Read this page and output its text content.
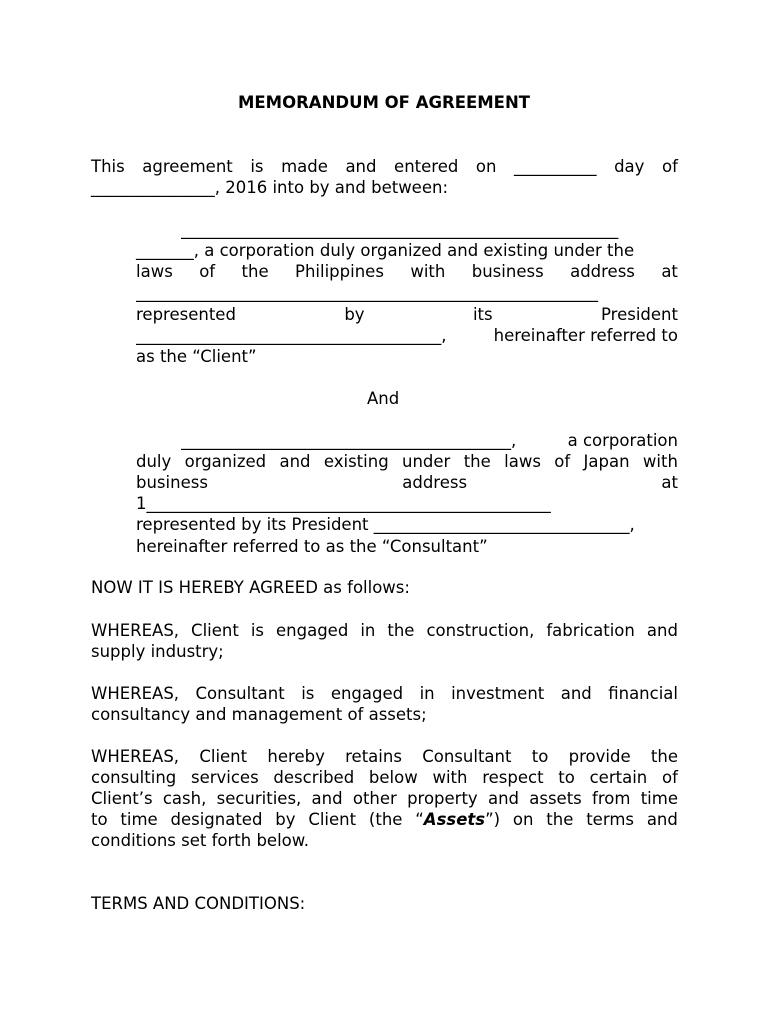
MEMORANDUM OF AGREEMENT
This agreement is made and entered on __________ day of
_______________, 2016 into by and between:
_____________________________________________________
_______, a corporation duly organized and existing under the
laws of the Philippines with business address at
________________________________________________________
represented	by	its	President
_____________________________________,	hereinafter referred to
as the “Client”
And
________________________________________,	a corporation
duly organized and existing under the laws of Japan with
business	address	at
1_________________________________________________
represented by its President _______________________________,
hereinafter referred to as the “Consultant”
NOW IT IS HEREBY AGREED as follows:
WHEREAS, Client is engaged in the construction, fabrication and
supply industry;
WHEREAS, Consultant is engaged in investment and financial
consultancy and management of assets;
WHEREAS, Client hereby retains Consultant to provide the
consulting services described below with respect to certain of
Client’s cash, securities, and other property and assets from time
to time designated by Client (the “Assets”) on the terms and
conditions set forth below.
TERMS AND CONDITIONS:
